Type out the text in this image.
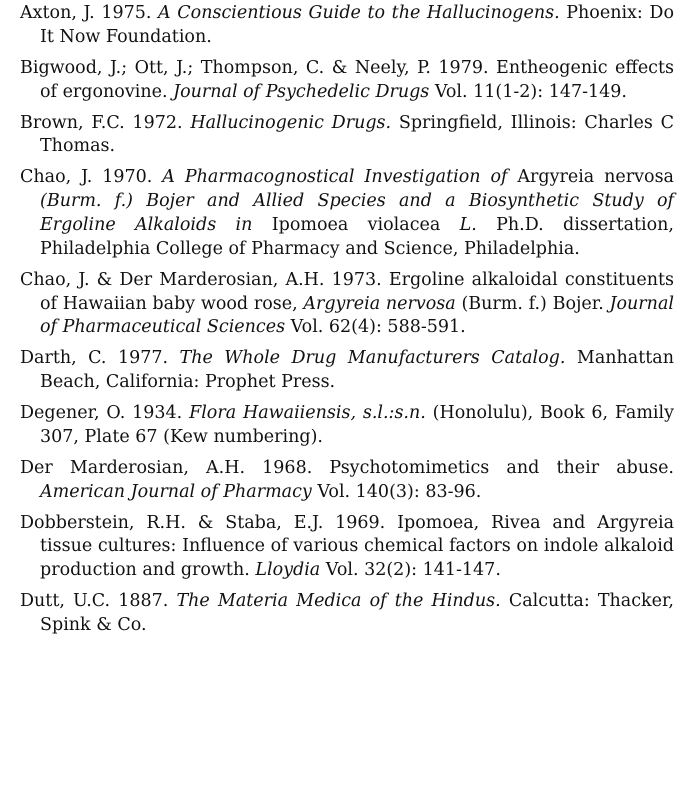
Axton, J. 1975. A Conscientious Guide to the Hallucinogens. Phoenix: Do It Now Foundation.

Bigwood, J.; Ott, J.; Thompson, C. & Neely, P. 1979. Entheogenic effects of ergonovine. Journal of Psychedelic Drugs Vol. 11(1-2): 147-149.

Brown, F.C. 1972. Hallucinogenic Drugs. Springfield, Illinois: Charles C Thomas.

Chao, J. 1970. A Pharmacognostical Investigation of Argyreia nervosa (Burm. f.) Bojer and Allied Species and a Biosynthetic Study of Ergoline Alkaloids in Ipomoea violacea L. Ph.D. dissertation, Philadelphia College of Pharmacy and Science, Philadelphia.

Chao, J. & Der Marderosian, A.H. 1973. Ergoline alkaloidal constituents of Hawaiian baby wood rose, Argyreia nervosa (Burm. f.) Bojer. Journal of Pharmaceutical Sciences Vol. 62(4): 588-591.

Darth, C. 1977. The Whole Drug Manufacturers Catalog. Manhattan Beach, California: Prophet Press.

Degener, O. 1934. Flora Hawaiiensis, s.l.:s.n. (Honolulu), Book 6, Family 307, Plate 67 (Kew numbering).

Der Marderosian, A.H. 1968. Psychotomimetics and their abuse. American Journal of Pharmacy Vol. 140(3): 83-96.

Dobberstein, R.H. & Staba, E.J. 1969. Ipomoea, Rivea and Argyreia tissue cultures: Influence of various chemical factors on indole alkaloid production and growth. Lloydia Vol. 32(2): 141-147.

Dutt, U.C. 1887. The Materia Medica of the Hindus. Calcutta: Thacker, Spink & Co.
